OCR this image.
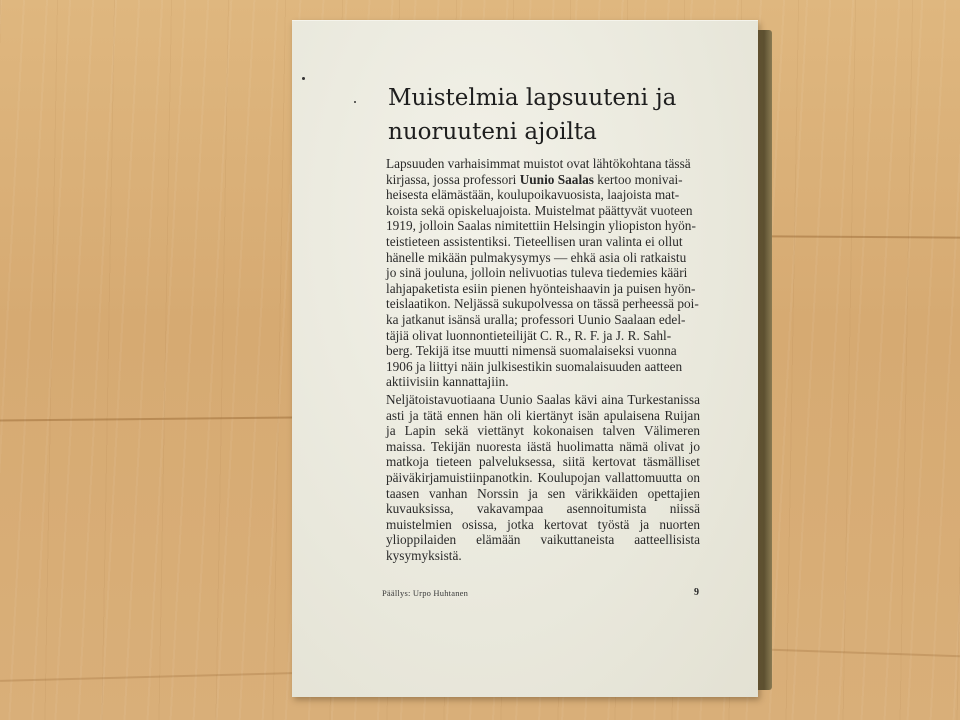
Muistelmia lapsuuteni ja
nuoruuteni ajoilta

Lapsuuden varhaisimmat muistot ovat lähtökohtana tässä
kirjassa, jossa professori Uunio Saalas kertoo monivai-
heisesta elämästään, koulupoikavuosista, laajoista mat-
koista sekä opiskeluajoista. Muistelmat päättyvät vuoteen
1919, jolloin Saalas nimitettiin Helsingin yliopiston hyön-
teistieteen assistentiksi. Tieteellisen uran valinta ei ollut
hänelle mikään pulmakysymys — ehkä asia oli ratkaistu
jo sinä jouluna, jolloin nelivuotias tuleva tiedemies kääri
lahjapaketista esiin pienen hyönteishaavin ja puisen hyön-
teislaatikon. Neljässä sukupolvessa on tässä perheessä poi-
ka jatkanut isänsä uralla; professori Uunio Saalaan edel-
täjiä olivat luonnontieteilijät C. R., R. F. ja J. R. Sahl-
berg. Tekijä itse muutti nimensä suomalaiseksi vuonna
1906 ja liittyi näin julkisestikin suomalaisuuden aatteen
aktiivisiin kannattajiin.

Neljätoistavuotiaana Uunio Saalas kävi aina Turkestanissa asti ja tätä ennen hän oli kiertänyt isän apulaisena Ruijan ja Lapin sekä viettänyt kokonaisen talven Välimeren maissa. Tekijän nuoresta iästä huolimatta nämä olivat jo matkoja tieteen palveluksessa, siitä kertovat täsmälliset päiväkirjamuistiinpanotkin. Koulupojan vallattomuutta on taasen vanhan Norssin ja sen värikkäiden opettajien kuvauksissa, vakavampaa asennoitumista niissä muistelmien osissa, jotka kertovat työstä ja nuorten ylioppilaiden elämään vaikuttaneista aatteellisista kysymyksistä.

Päällys: Urpo Huhtanen	9
